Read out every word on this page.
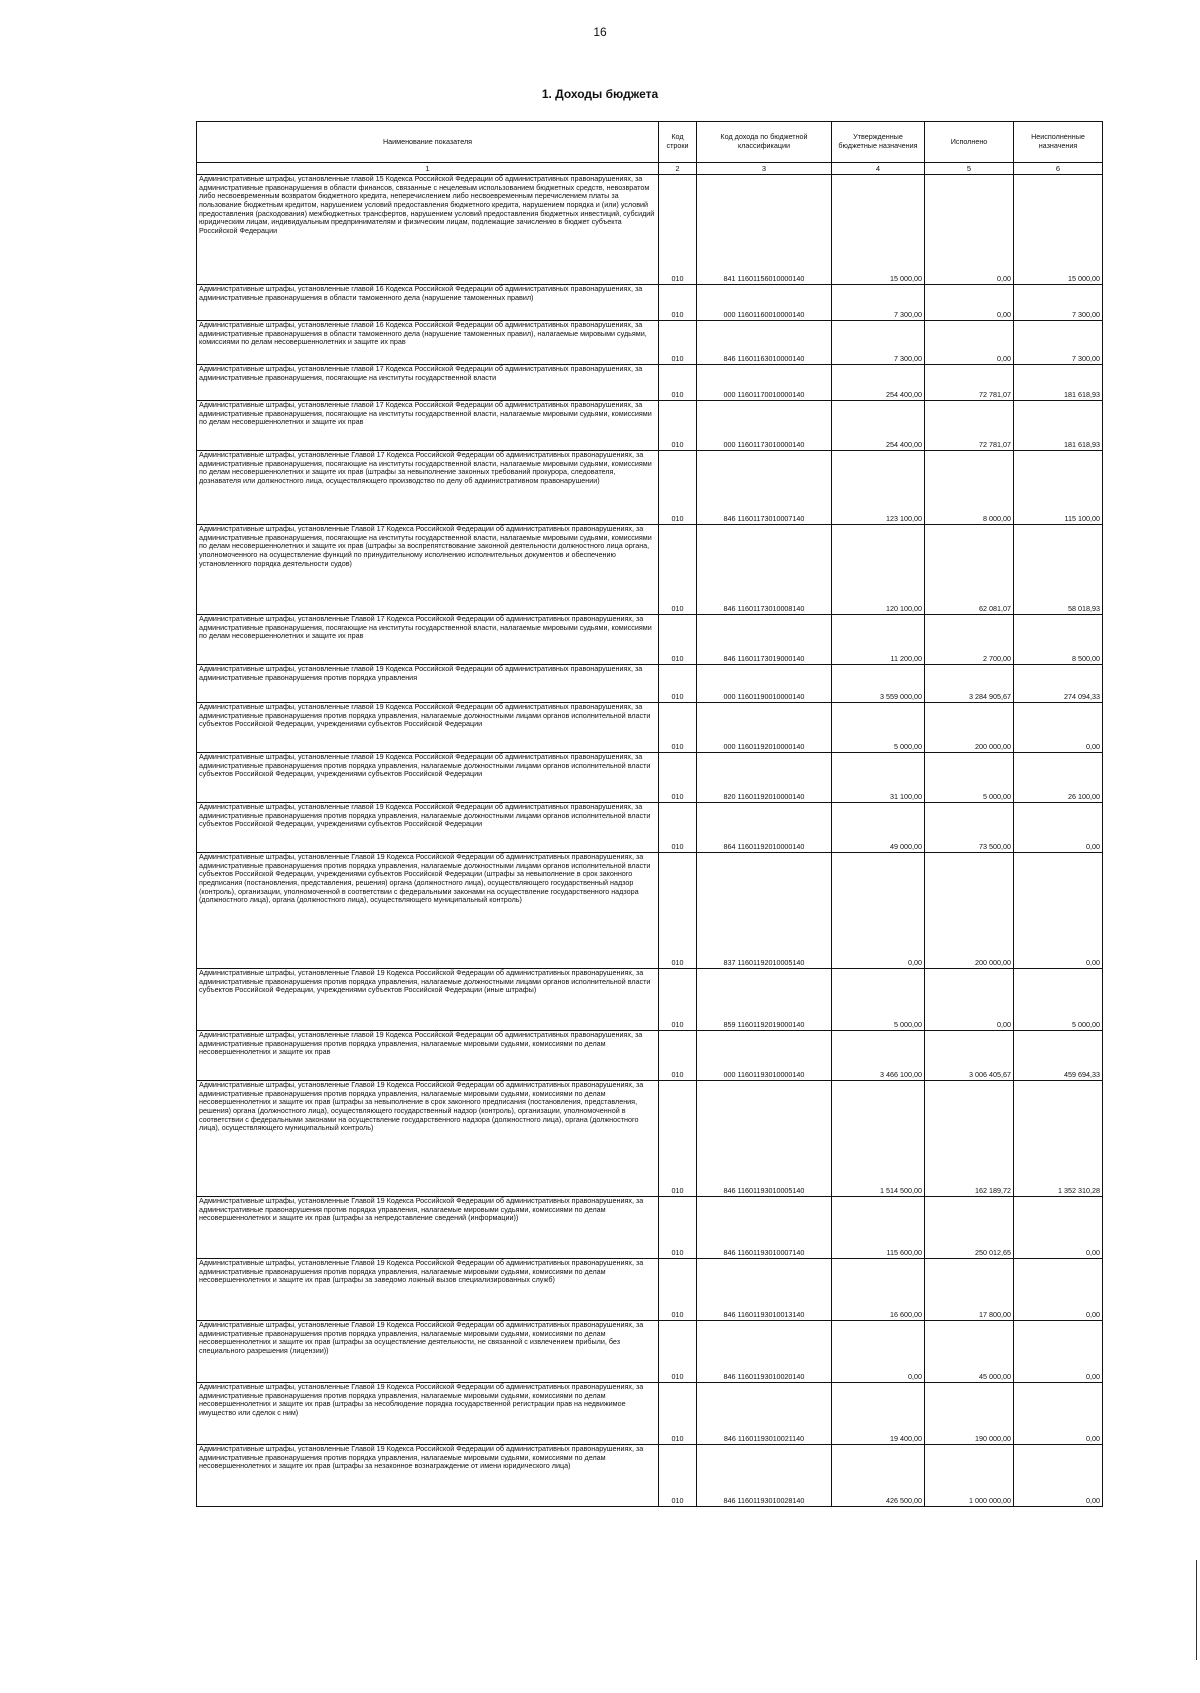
16
1. Доходы бюджета
Наименование показателя	Код строки	Код дохода по бюджетной классификации	Утвержденные бюджетные назначения	Исполнено	Неисполненные назначения
1	2	3	4	5	6
Административные штрафы, установленные главой 15 Кодекса Российской Федерации об административных правонарушениях, за административные правонарушения в области финансов, связанные с нецелевым использованием бюджетных средств, невозвратом либо несвоевременным возвратом бюджетного кредита, неперечислением либо несвоевременным перечислением платы за пользование бюджетным кредитом, нарушением условий предоставления бюджетного кредита, нарушением порядка и (или) условий предоставления (расходования) межбюджетных трансфертов, нарушением условий предоставления бюджетных инвестиций, субсидий юридическим лицам, индивидуальным предпринимателям и физическим лицам, подлежащие зачислению в бюджет субъекта Российской Федерации	010	841 11601156010000140	15 000,00	0,00	15 000,00
Административные штрафы, установленные главой 16 Кодекса Российской Федерации об административных правонарушениях, за административные правонарушения в области таможенного дела (нарушение таможенных правил)	010	000 11601160010000140	7 300,00	0,00	7 300,00
Административные штрафы, установленные главой 16 Кодекса Российской Федерации об административных правонарушениях, за административные правонарушения в области таможенного дела (нарушение таможенных правил), налагаемые мировыми судьями, комиссиями по делам несовершеннолетних и защите их прав	010	846 11601163010000140	7 300,00	0,00	7 300,00
Административные штрафы, установленные главой 17 Кодекса Российской Федерации об административных правонарушениях, за административные правонарушения, посягающие на институты государственной власти	010	000 11601170010000140	254 400,00	72 781,07	181 618,93
Административные штрафы, установленные главой 17 Кодекса Российской Федерации об административных правонарушениях, за административные правонарушения, посягающие на институты государственной власти, налагаемые мировыми судьями, комиссиями по делам несовершеннолетних и защите их прав	010	000 11601173010000140	254 400,00	72 781,07	181 618,93
Административные штрафы, установленные Главой 17 Кодекса Российской Федерации об административных правонарушениях, за административные правонарушения, посягающие на институты государственной власти, налагаемые мировыми судьями, комиссиями по делам несовершеннолетних и защите их прав (штрафы за невыполнение законных требований прокурора, следователя, дознавателя или должностного лица, осуществляющего производство по делу об административном правонарушении)	010	846 11601173010007140	123 100,00	8 000,00	115 100,00
Административные штрафы, установленные Главой 17 Кодекса Российской Федерации об административных правонарушениях, за административные правонарушения, посягающие на институты государственной власти, налагаемые мировыми судьями, комиссиями по делам несовершеннолетних и защите их прав (штрафы за воспрепятствование законной деятельности должностного лица органа, уполномоченного на осуществление функций по принудительному исполнению исполнительных документов и обеспечению установленного порядка деятельности судов)	010	846 11601173010008140	120 100,00	62 081,07	58 018,93
Административные штрафы, установленные Главой 17 Кодекса Российской Федерации об административных правонарушениях, за административные правонарушения, посягающие на институты государственной власти, налагаемые мировыми судьями, комиссиями по делам несовершеннолетних и защите их прав	010	846 11601173019000140	11 200,00	2 700,00	8 500,00
Административные штрафы, установленные главой 19 Кодекса Российской Федерации об административных правонарушениях, за административные правонарушения против порядка управления	010	000 11601190010000140	3 559 000,00	3 284 905,67	274 094,33
Административные штрафы, установленные главой 19 Кодекса Российской Федерации об административных правонарушениях, за административные правонарушения против порядка управления, налагаемые должностными лицами органов исполнительной власти субъектов Российской Федерации, учреждениями субъектов Российской Федерации	010	000 11601192010000140	5 000,00	200 000,00	0,00
Административные штрафы, установленные главой 19 Кодекса Российской Федерации об административных правонарушениях, за административные правонарушения против порядка управления, налагаемые должностными лицами органов исполнительной власти субъектов Российской Федерации, учреждениями субъектов Российской Федерации	010	820 11601192010000140	31 100,00	5 000,00	26 100,00
Административные штрафы, установленные главой 19 Кодекса Российской Федерации об административных правонарушениях, за административные правонарушения против порядка управления, налагаемые должностными лицами органов исполнительной власти субъектов Российской Федерации, учреждениями субъектов Российской Федерации	010	864 11601192010000140	49 000,00	73 500,00	0,00
Административные штрафы, установленные Главой 19 Кодекса Российской Федерации об административных правонарушениях, за административные правонарушения против порядка управления, налагаемые должностными лицами органов исполнительной власти субъектов Российской Федерации, учреждениями субъектов Российской Федерации (штрафы за невыполнение в срок законного предписания (постановления, представления, решения) органа (должностного лица), осуществляющего государственный надзор (контроль), организации, уполномоченной в соответствии с федеральными законами на осуществление государственного надзора (должностного лица), органа (должностного лица), осуществляющего муниципальный контроль)	010	837 11601192010005140	0,00	200 000,00	0,00
Административные штрафы, установленные Главой 19 Кодекса Российской Федерации об административных правонарушениях, за административные правонарушения против порядка управления, налагаемые должностными лицами органов исполнительной власти субъектов Российской Федерации, учреждениями субъектов Российской Федерации (иные штрафы)	010	859 11601192019000140	5 000,00	0,00	5 000,00
Административные штрафы, установленные главой 19 Кодекса Российской Федерации об административных правонарушениях, за административные правонарушения против порядка управления, налагаемые мировыми судьями, комиссиями по делам несовершеннолетних и защите их прав	010	000 11601193010000140	3 466 100,00	3 006 405,67	459 694,33
Административные штрафы, установленные Главой 19 Кодекса Российской Федерации об административных правонарушениях, за административные правонарушения против порядка управления, налагаемые мировыми судьями, комиссиями по делам несовершеннолетних и защите их прав (штрафы за невыполнение в срок законного предписания (постановления, представления, решения) органа (должностного лица), осуществляющего государственный надзор (контроль), организации, уполномоченной в соответствии с федеральными законами на осуществление государственного надзора (должностного лица), органа (должностного лица), осуществляющего муниципальный контроль)	010	846 11601193010005140	1 514 500,00	162 189,72	1 352 310,28
Административные штрафы, установленные Главой 19 Кодекса Российской Федерации об административных правонарушениях, за административные правонарушения против порядка управления, налагаемые мировыми судьями, комиссиями по делам несовершеннолетних и защите их прав (штрафы за непредставление сведений (информации))	010	846 11601193010007140	115 600,00	250 012,65	0,00
Административные штрафы, установленные Главой 19 Кодекса Российской Федерации об административных правонарушениях, за административные правонарушения против порядка управления, налагаемые мировыми судьями, комиссиями по делам несовершеннолетних и защите их прав (штрафы за заведомо ложный вызов специализированных служб)	010	846 11601193010013140	16 600,00	17 800,00	0,00
Административные штрафы, установленные Главой 19 Кодекса Российской Федерации об административных правонарушениях, за административные правонарушения против порядка управления, налагаемые мировыми судьями, комиссиями по делам несовершеннолетних и защите их прав (штрафы за осуществление деятельности, не связанной с извлечением прибыли, без специального разрешения (лицензии))	010	846 11601193010020140	0,00	45 000,00	0,00
Административные штрафы, установленные Главой 19 Кодекса Российской Федерации об административных правонарушениях, за административные правонарушения против порядка управления, налагаемые мировыми судьями, комиссиями по делам несовершеннолетних и защите их прав (штрафы за несоблюдение порядка государственной регистрации прав на недвижимое имущество или сделок с ним)	010	846 11601193010021140	19 400,00	190 000,00	0,00
Административные штрафы, установленные Главой 19 Кодекса Российской Федерации об административных правонарушениях, за административные правонарушения против порядка управления, налагаемые мировыми судьями, комиссиями по делам несовершеннолетних и защите их прав (штрафы за незаконное вознаграждение от имени юридического лица)	010	846 11601193010028140	426 500,00	1 000 000,00	0,00
